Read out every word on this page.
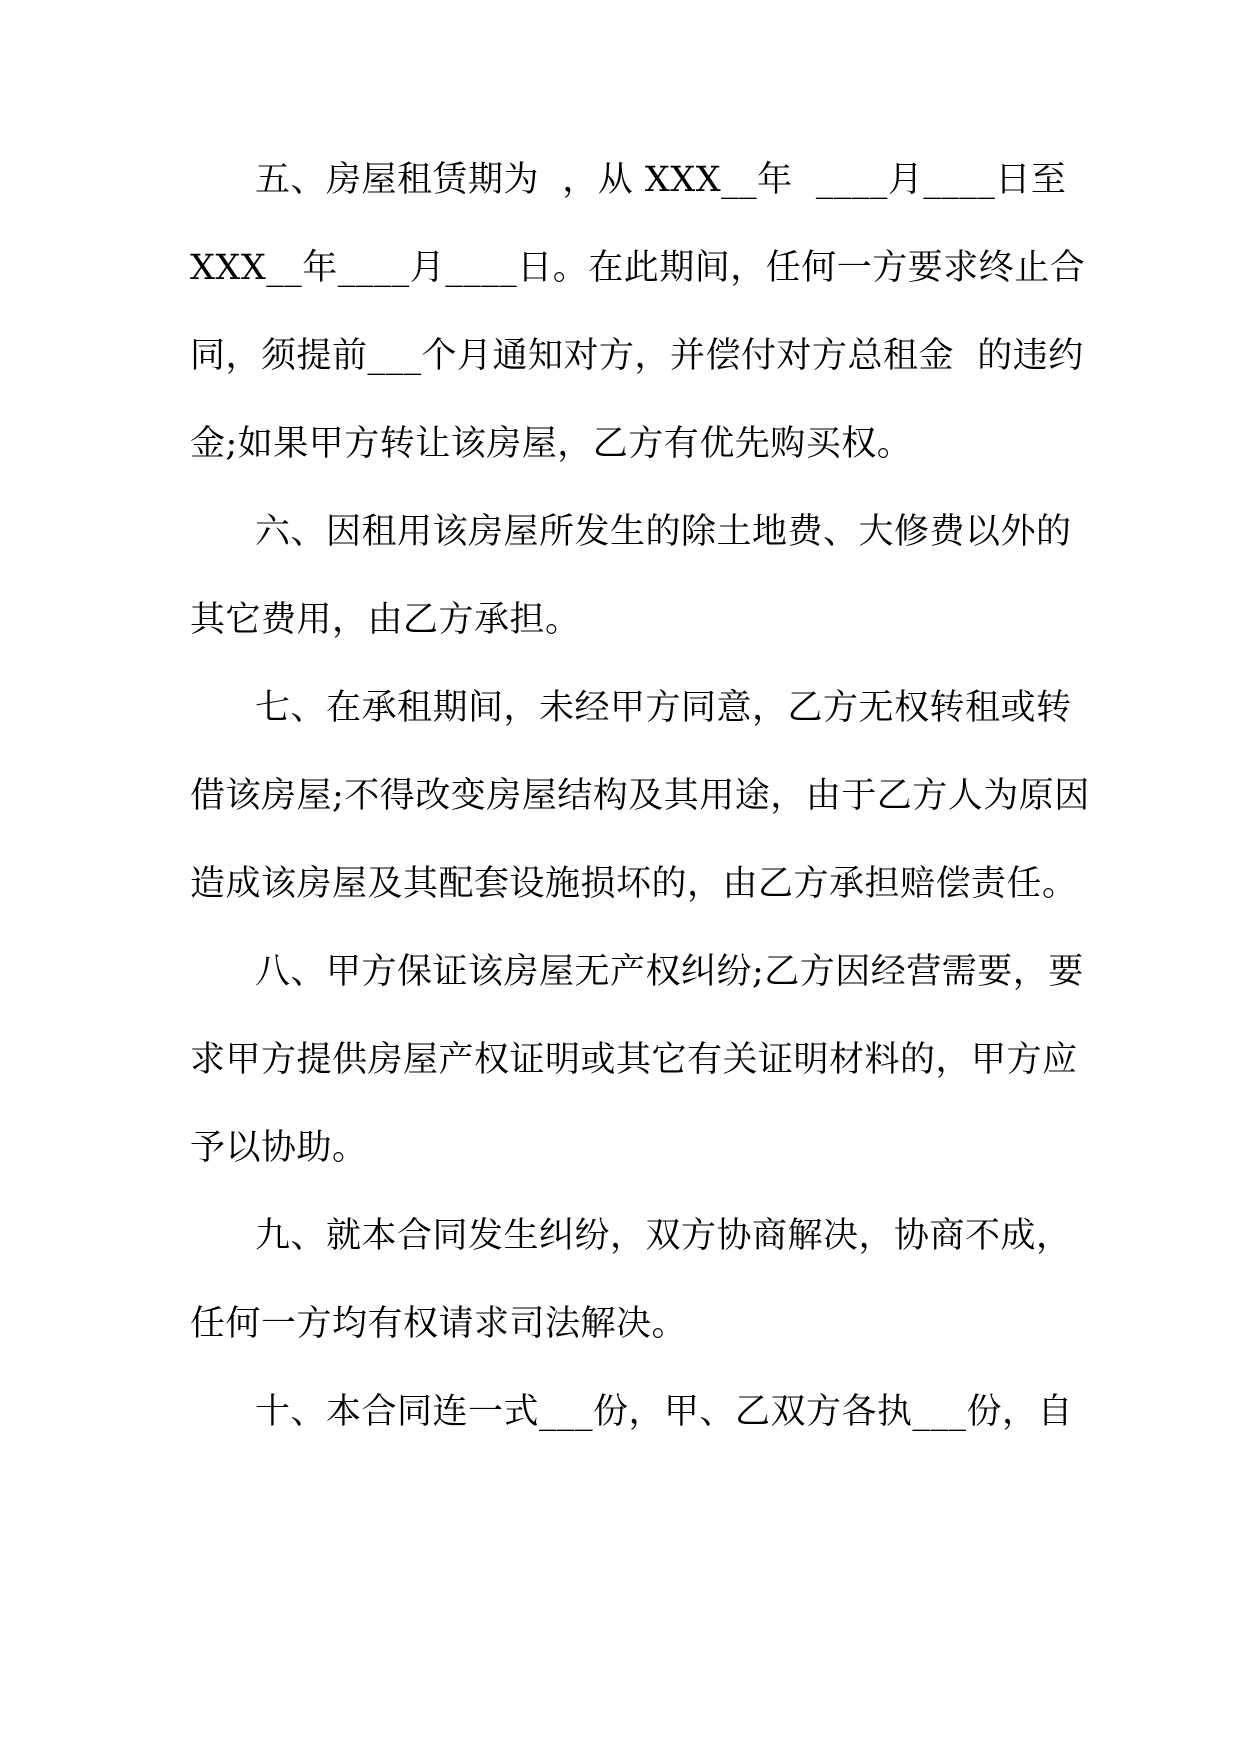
五、房屋租赁期为  ，从 XXX__年  ____月____日至
XXX__年____月____日。在此期间，任何一方要求终止合
同，须提前___个月通知对方，并偿付对方总租金  的违约
金;如果甲方转让该房屋，乙方有优先购买权。
六、因租用该房屋所发生的除土地费、大修费以外的
其它费用，由乙方承担。
七、在承租期间，未经甲方同意，乙方无权转租或转
借该房屋;不得改变房屋结构及其用途，由于乙方人为原因
造成该房屋及其配套设施损坏的，由乙方承担赔偿责任。
八、甲方保证该房屋无产权纠纷;乙方因经营需要，要
求甲方提供房屋产权证明或其它有关证明材料的，甲方应
予以协助。
九、就本合同发生纠纷，双方协商解决，协商不成，
任何一方均有权请求司法解决。
十、本合同连一式___份，甲、乙双方各执___份，自
